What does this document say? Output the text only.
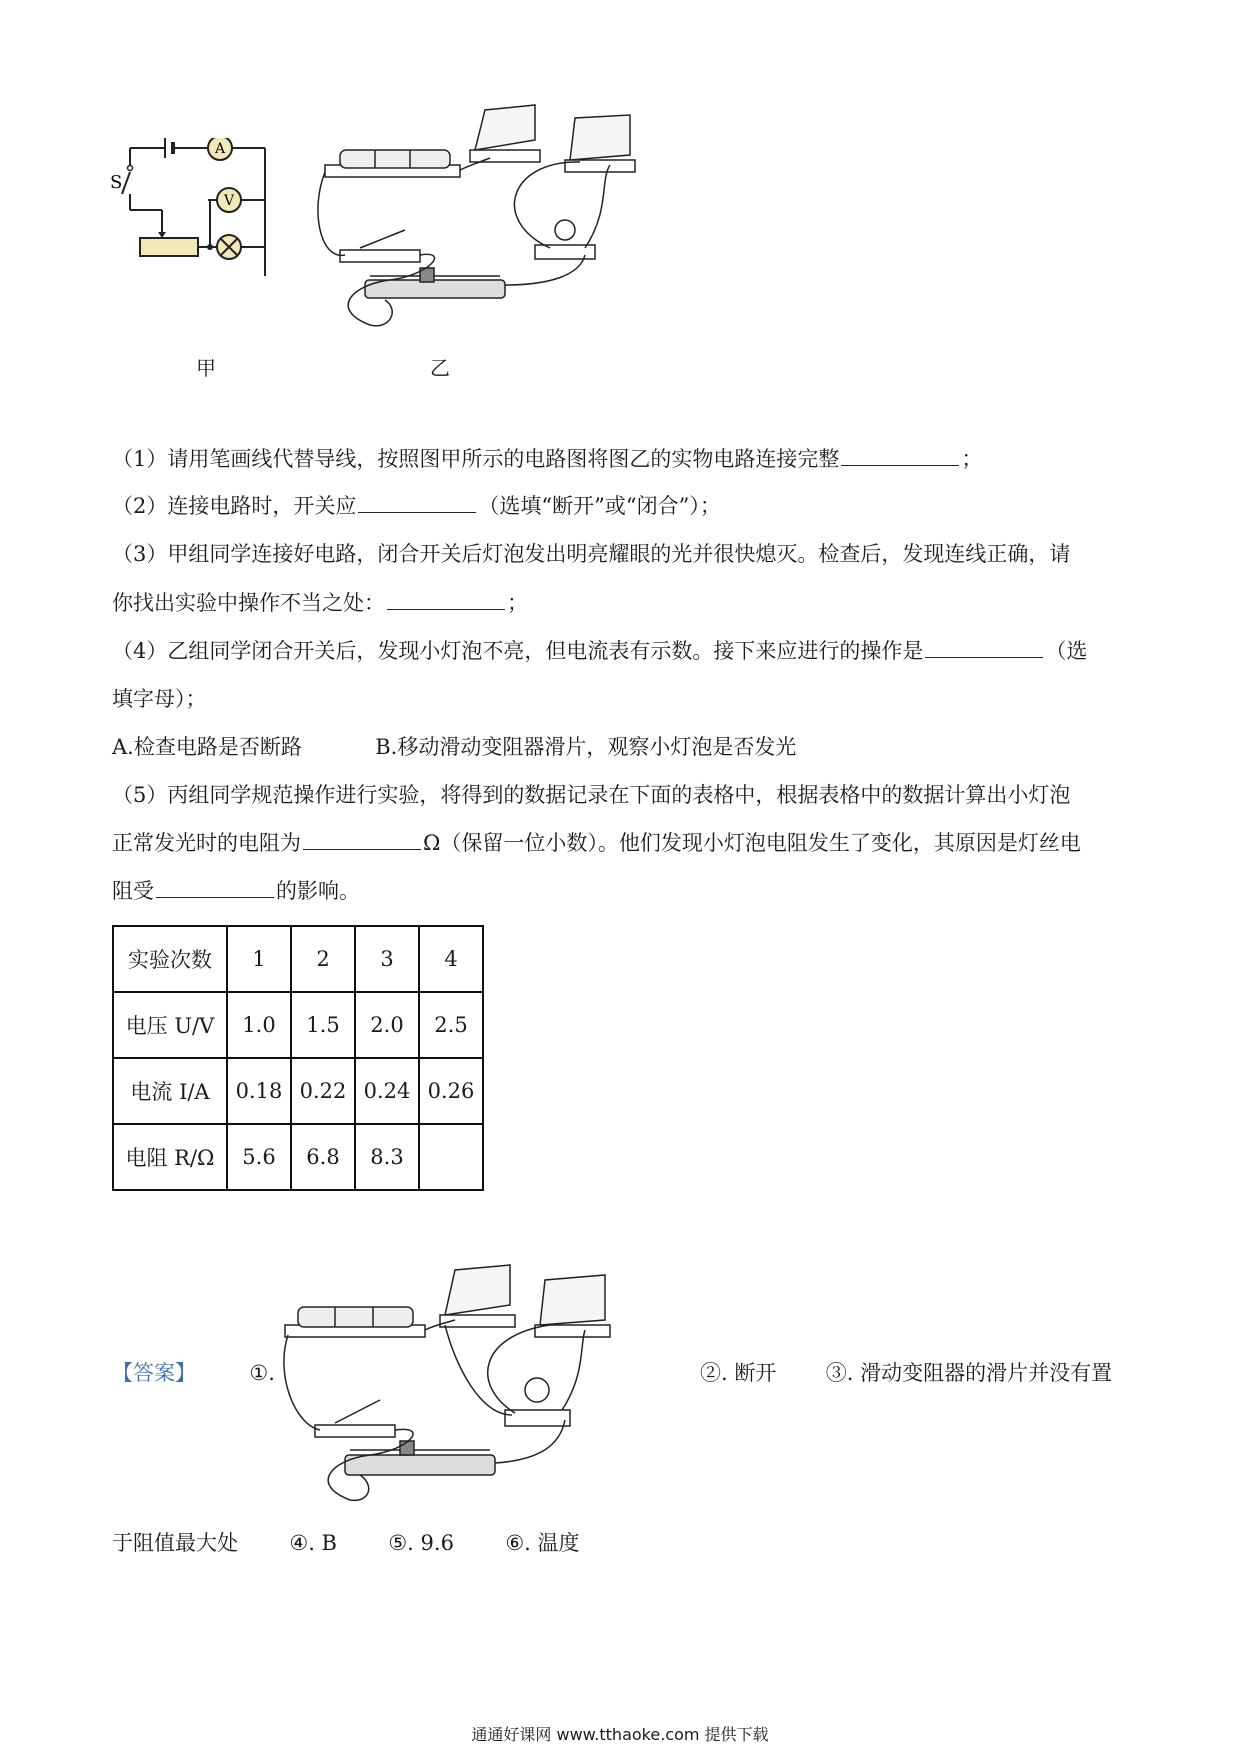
A
V
S
甲	乙
（1）请用笔画线代替导线，按照图甲所示的电路图将图乙的实物电路连接完整	；
（2）连接电路时，开关应	（选填“断开”或“闭合”）；
（3）甲组同学连接好电路，闭合开关后灯泡发出明亮耀眼的光并很快熄灭。检查后，发现连线正确，请
你找出实验中操作不当之处：	；
（4）乙组同学闭合开关后，发现小灯泡不亮，但电流表有示数。接下来应进行的操作是	（选
填字母）；
A.检查电路是否断路	B.移动滑动变阻器滑片，观察小灯泡是否发光
（5）丙组同学规范操作进行实验，将得到的数据记录在下面的表格中，根据表格中的数据计算出小灯泡
正常发光时的电阻为	Ω（保留一位小数）。他们发现小灯泡电阻发生了变化，其原因是灯丝电
阻受	的影响。
实验次数	1	2	3	4
电压 U/V	1.0	1.5	2.0	2.5
电流 I/A	0.18	0.22	0.24	0.26
电阻 R/Ω	5.6	6.8	8.3	
【答案】	①.	②. 断开 ③. 滑动变阻器的滑片并没有置
于阻值最大处 ④. B ⑤. 9.6 ⑥. 温度
通通好课网 www.tthaoke.com 提供下载
